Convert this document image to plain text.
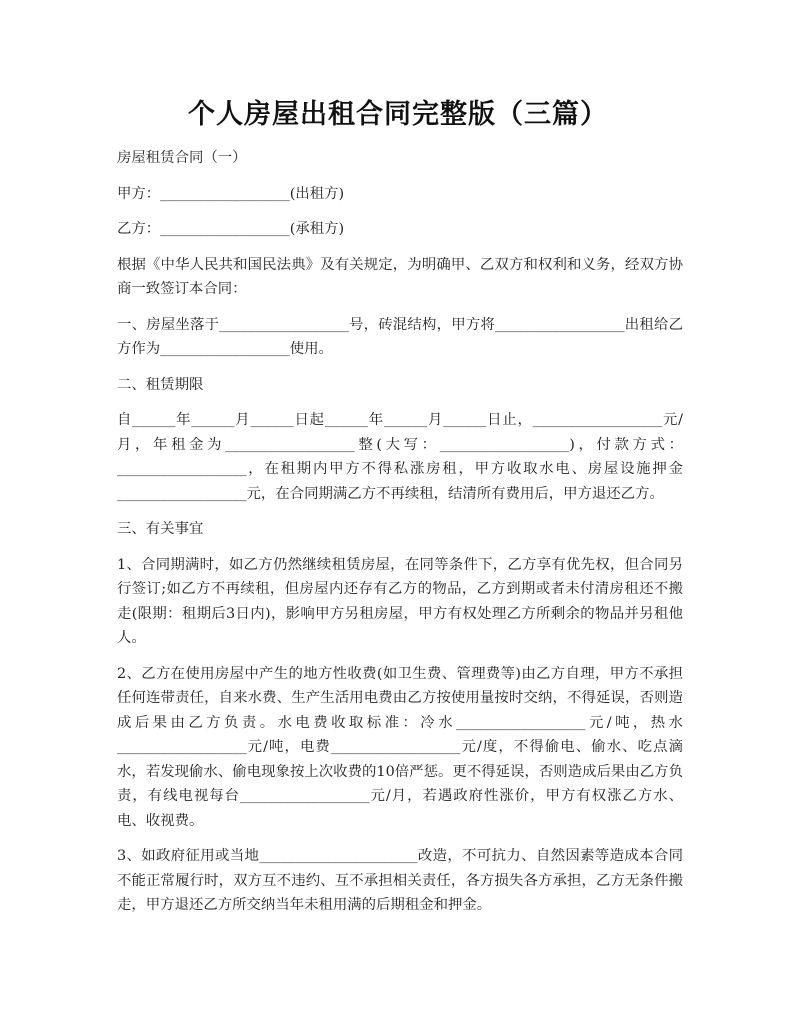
个人房屋出租合同完整版（三篇）

房屋租赁合同（一）

甲方：__________________(出租方)

乙方：__________________(承租方)

根据《中华人民共和国民法典》及有关规定，为明确甲、乙双方和权利和义务，经双方协商一致签订本合同：

一、房屋坐落于__________________号，砖混结构，甲方将__________________出租给乙方作为__________________使用。

二、租赁期限

自______年______月______日起______年______月______日止，__________________元/月，年租金为__________________整(大写：__________________)，付款方式：__________________，在租期内甲方不得私涨房租，甲方收取水电、房屋设施押金__________________元，在合同期满乙方不再续租，结清所有费用后，甲方退还乙方。

三、有关事宜

1、合同期满时，如乙方仍然继续租赁房屋，在同等条件下，乙方享有优先权，但合同另行签订;如乙方不再续租，但房屋内还存有乙方的物品，乙方到期或者未付清房租还不搬走(限期：租期后3日内)，影响甲方另租房屋，甲方有权处理乙方所剩余的物品并另租他人。

2、乙方在使用房屋中产生的地方性收费(如卫生费、管理费等)由乙方自理，甲方不承担任何连带责任，自来水费、生产生活用电费由乙方按使用量按时交纳，不得延误，否则造成后果由乙方负责。水电费收取标准：冷水__________________元/吨，热水__________________元/吨，电费__________________元/度，不得偷电、偷水、吃点滴水，若发现偷水、偷电现象按上次收费的10倍严惩。更不得延误，否则造成后果由乙方负责，有线电视每台__________________元/月，若遇政府性涨价，甲方有权涨乙方水、电、收视费。

3、如政府征用或当地______________________改造，不可抗力、自然因素等造成本合同不能正常履行时，双方互不违约、互不承担相关责任，各方损失各方承担，乙方无条件搬走，甲方退还乙方所交纳当年未租用满的后期租金和押金。
